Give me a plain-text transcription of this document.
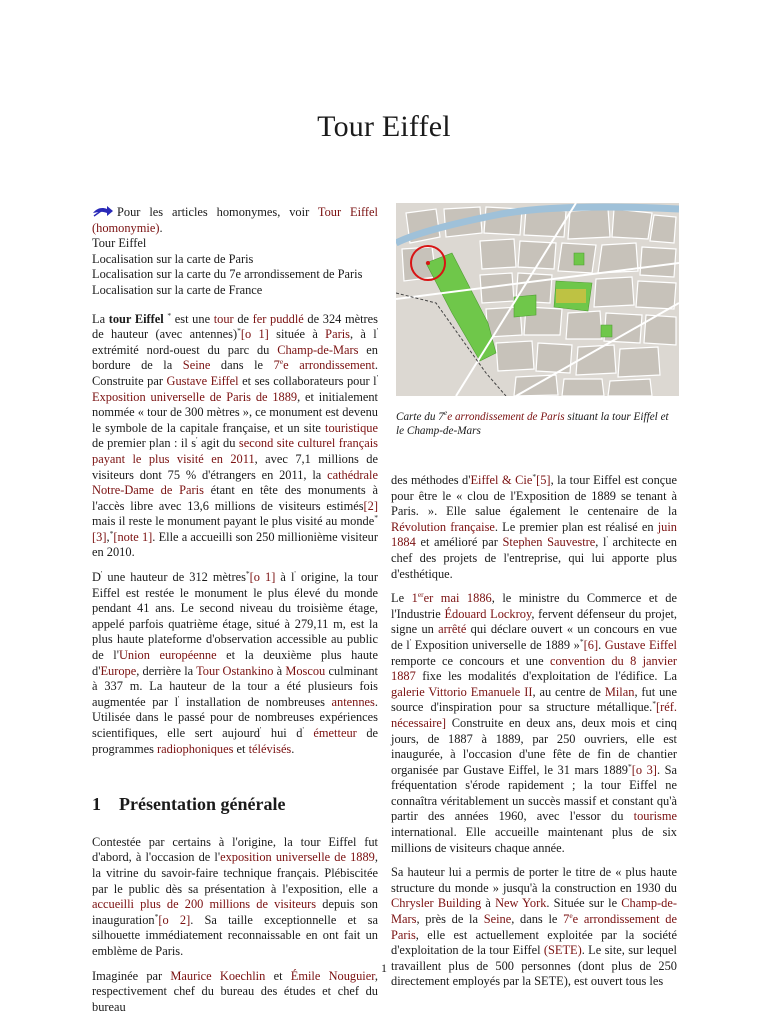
Tour Eiffel
Carte du 7ee arrondissement de Paris situant la tour Eiffel et le Champ-de-Mars
Pour les articles homonymes, voir Tour Eiffel (homonymie).
Tour Eiffel
Localisation sur la carte de Paris
Localisation sur la carte du 7e arrondissement de Paris
Localisation sur la carte de France

La tour Eiffel * est une tour de fer puddlé de 324 mètres de hauteur (avec antennes)*[o 1] située à Paris, à l' extrémité nord-ouest du parc du Champ-de-Mars en bordure de la Seine dans le 7ee arrondissement. Construite par Gustave Eiffel et ses collaborateurs pour l' Exposition universelle de Paris de 1889, et initialement nommée « tour de 300 mètres », ce monument est devenu le symbole de la capitale française, et un site touristique de premier plan : il s' agit du second site culturel français payant le plus visité en 2011, avec 7,1 millions de visiteurs dont 75 % d'étrangers en 2011, la cathédrale Notre-Dame de Paris étant en tête des monuments à l'accès libre avec 13,6 millions de visiteurs estimés[2] mais il reste le monument payant le plus visité au monde*[3],*[note 1]. Elle a accueilli son 250 millionième visiteur en 2010.

D' une hauteur de 312 mètres*[o 1] à l' origine, la tour Eiffel est restée le monument le plus élevé du monde pendant 41 ans. Le second niveau du troisième étage, appelé parfois quatrième étage, situé à 279,11 m, est la plus haute plateforme d'observation accessible au public de l'Union européenne et la deuxième plus haute d'Europe, derrière la Tour Ostankino à Moscou culminant à 337 m. La hauteur de la tour a été plusieurs fois augmentée par l' installation de nombreuses antennes. Utilisée dans le passé pour de nombreuses expériences scientifiques, elle sert aujourd' hui d' émetteur de programmes radiophoniques et télévisés.

1 Présentation générale

Contestée par certains à l'origine, la tour Eiffel fut d'abord, à l'occasion de l'exposition universelle de 1889, la vitrine du savoir-faire technique français. Plébiscitée par le public dès sa présentation à l'exposition, elle a accueilli plus de 200 millions de visiteurs depuis son inauguration*[o 2]. Sa taille exceptionnelle et sa silhouette immédiatement reconnaissable en ont fait un emblème de Paris.

Imaginée par Maurice Koechlin et Émile Nouguier, respectivement chef du bureau des études et chef du bureau

des méthodes d'Eiffel & Cie*[5], la tour Eiffel est conçue pour être le « clou de l'Exposition de 1889 se tenant à Paris. ». Elle salue également le centenaire de la Révolution française. Le premier plan est réalisé en juin 1884 et amélioré par Stephen Sauvestre, l' architecte en chef des projets de l'entreprise, qui lui apporte plus d'esthétique.

Le 1erer mai 1886, le ministre du Commerce et de l'Industrie Édouard Lockroy, fervent défenseur du projet, signe un arrêté qui déclare ouvert « un concours en vue de l' Exposition universelle de 1889 »*[6]. Gustave Eiffel remporte ce concours et une convention du 8 janvier 1887 fixe les modalités d'exploitation de l'édifice. La galerie Vittorio Emanuele II, au centre de Milan, fut une source d'inspiration pour sa structure métallique.*[réf. nécessaire] Construite en deux ans, deux mois et cinq jours, de 1887 à 1889, par 250 ouvriers, elle est inaugurée, à l'occasion d'une fête de fin de chantier organisée par Gustave Eiffel, le 31 mars 1889*[o 3]. Sa fréquentation s'érode rapidement ; la tour Eiffel ne connaîtra véritablement un succès massif et constant qu'à partir des années 1960, avec l'essor du tourisme international. Elle accueille maintenant plus de six millions de visiteurs chaque année.

Sa hauteur lui a permis de porter le titre de « plus haute structure du monde » jusqu'à la construction en 1930 du Chrysler Building à New York. Située sur le Champ-de-Mars, près de la Seine, dans le 7ee arrondissement de Paris, elle est actuellement exploitée par la société d'exploitation de la tour Eiffel (SETE). Le site, sur lequel travaillent plus de 500 personnes (dont plus de 250 directement employés par la SETE), est ouvert tous les

1
